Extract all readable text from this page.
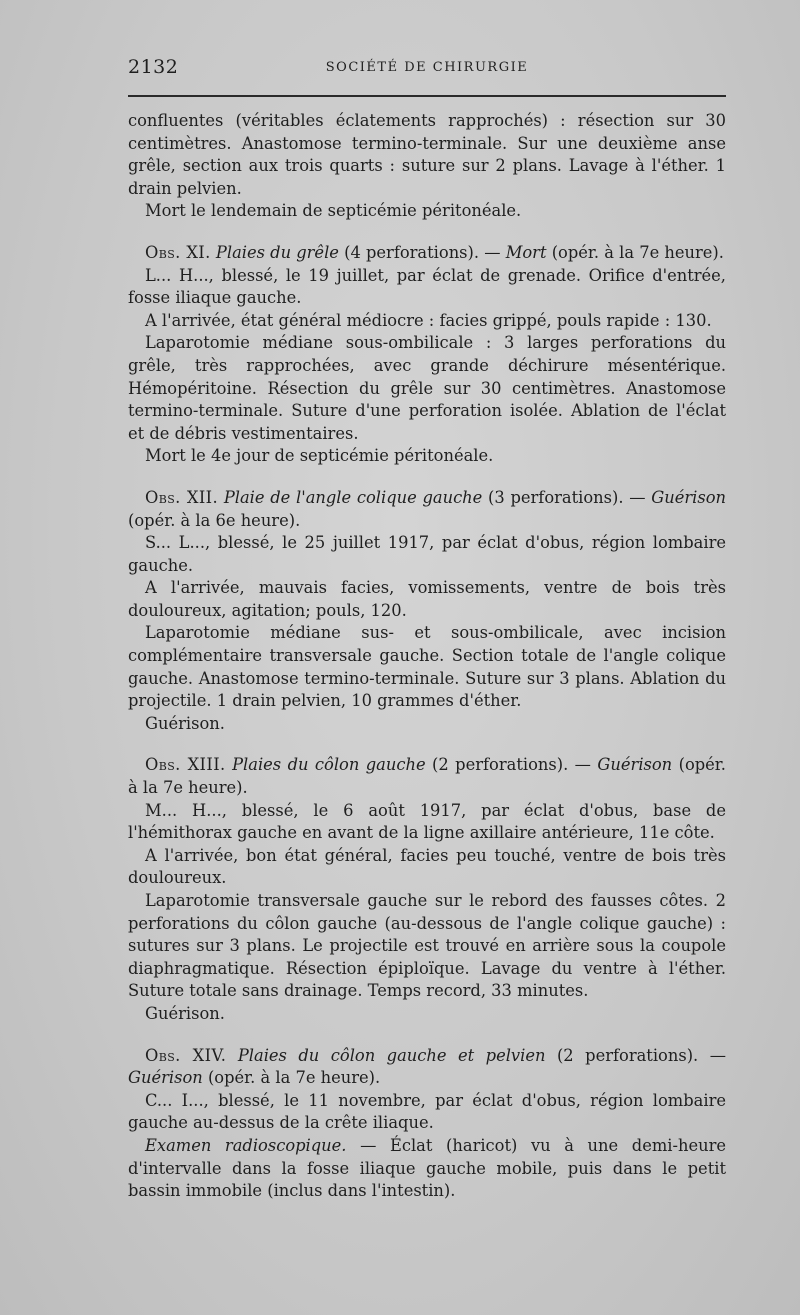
2132	SOCIÉTÉ DE CHIRURGIE

confluentes (véritables éclatements rapprochés) : résection sur 30 centimètres. Anastomose termino-terminale. Sur une deuxième anse grêle, section aux trois quarts : suture sur 2 plans. Lavage à l'éther. 1 drain pelvien.

Mort le lendemain de septicémie péritonéale.

Obs. XI. Plaies du grêle (4 perforations). — Mort (opér. à la 7e heure).

L... H..., blessé, le 19 juillet, par éclat de grenade. Orifice d'entrée, fosse iliaque gauche.

A l'arrivée, état général médiocre : facies grippé, pouls rapide : 130.

Laparotomie médiane sous-ombilicale : 3 larges perforations du grêle, très rapprochées, avec grande déchirure mésentérique. Hémopéritoine. Résection du grêle sur 30 centimètres. Anastomose termino-terminale. Suture d'une perforation isolée. Ablation de l'éclat et de débris vestimentaires.

Mort le 4e jour de septicémie péritonéale.

Obs. XII. Plaie de l'angle colique gauche (3 perforations). — Guérison (opér. à la 6e heure).

S... L..., blessé, le 25 juillet 1917, par éclat d'obus, région lombaire gauche.

A l'arrivée, mauvais facies, vomissements, ventre de bois très douloureux, agitation; pouls, 120.

Laparotomie médiane sus- et sous-ombilicale, avec incision complémentaire transversale gauche. Section totale de l'angle colique gauche. Anastomose termino-terminale. Suture sur 3 plans. Ablation du projectile. 1 drain pelvien, 10 grammes d'éther.

Guérison.

Obs. XIII. Plaies du côlon gauche (2 perforations). — Guérison (opér. à la 7e heure).

M... H..., blessé, le 6 août 1917, par éclat d'obus, base de l'hémithorax gauche en avant de la ligne axillaire antérieure, 11e côte.

A l'arrivée, bon état général, facies peu touché, ventre de bois très douloureux.

Laparotomie transversale gauche sur le rebord des fausses côtes. 2 perforations du côlon gauche (au-dessous de l'angle colique gauche) : sutures sur 3 plans. Le projectile est trouvé en arrière sous la coupole diaphragmatique. Résection épiploïque. Lavage du ventre à l'éther. Suture totale sans drainage. Temps record, 33 minutes.

Guérison.

Obs. XIV. Plaies du côlon gauche et pelvien (2 perforations). — Guérison (opér. à la 7e heure).

C... I..., blessé, le 11 novembre, par éclat d'obus, région lombaire gauche au-dessus de la crête iliaque.

Examen radioscopique. — Éclat (haricot) vu à une demi-heure d'intervalle dans la fosse iliaque gauche mobile, puis dans le petit bassin immobile (inclus dans l'intestin).
